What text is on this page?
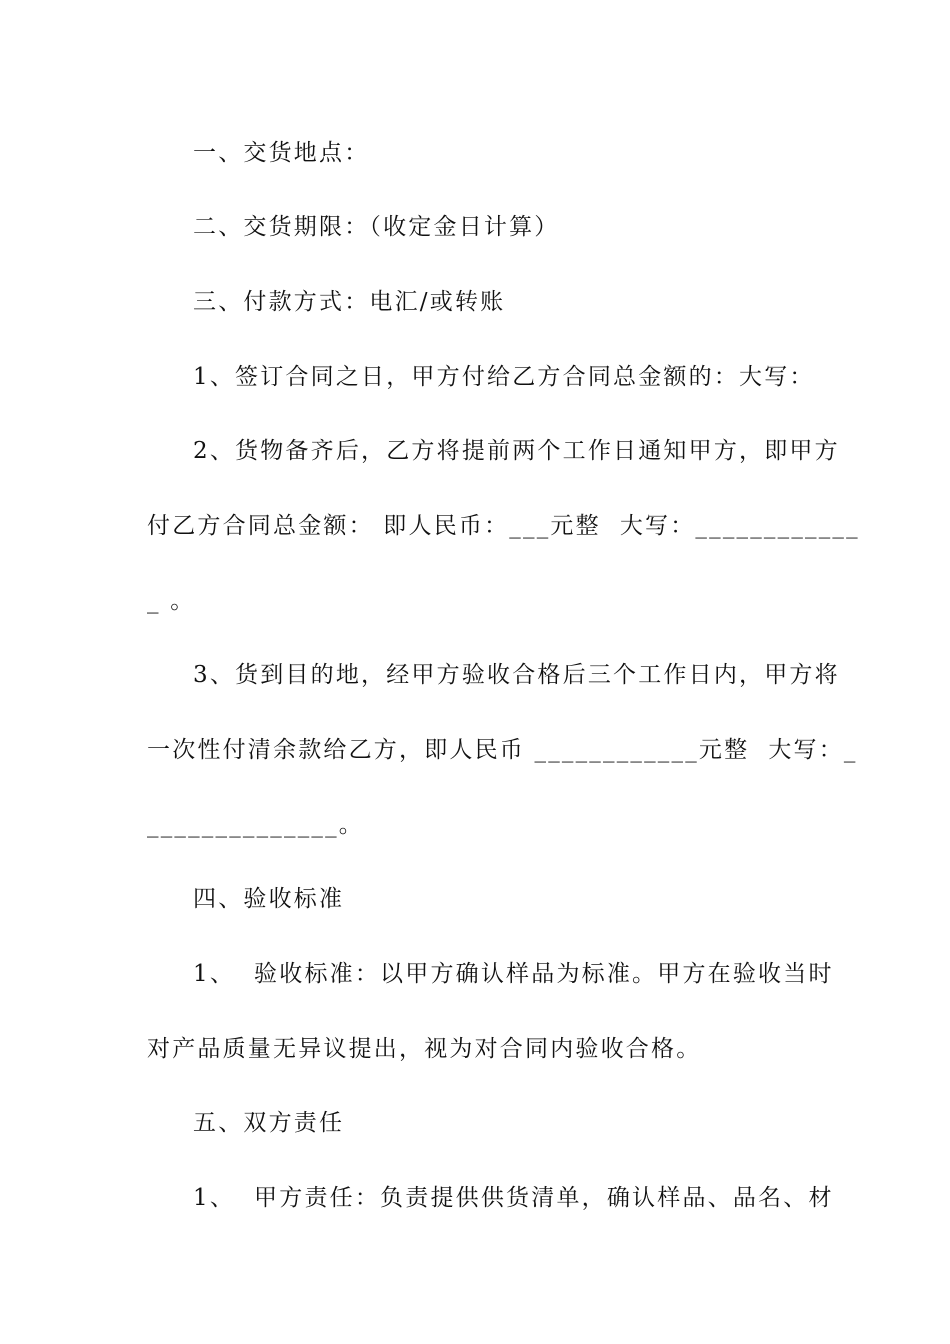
一、交货地点：
二、交货期限：（收定金日计算）
三、付款方式：电汇/或转账
1、签订合同之日，甲方付给乙方合同总金额的：大写：
2、货物备齐后，乙方将提前两个工作日通知甲方，即甲方
付乙方合同总金额： 即人民币：___元整  大写：____________
_ 。
3、货到目的地，经甲方验收合格后三个工作日内，甲方将
一次性付清余款给乙方，即人民币 ____________元整  大写：_
______________。
四、验收标准
1、  验收标准：以甲方确认样品为标准。甲方在验收当时
对产品质量无异议提出，视为对合同内验收合格。
五、双方责任
1、  甲方责任：负责提供供货清单，确认样品、品名、材
